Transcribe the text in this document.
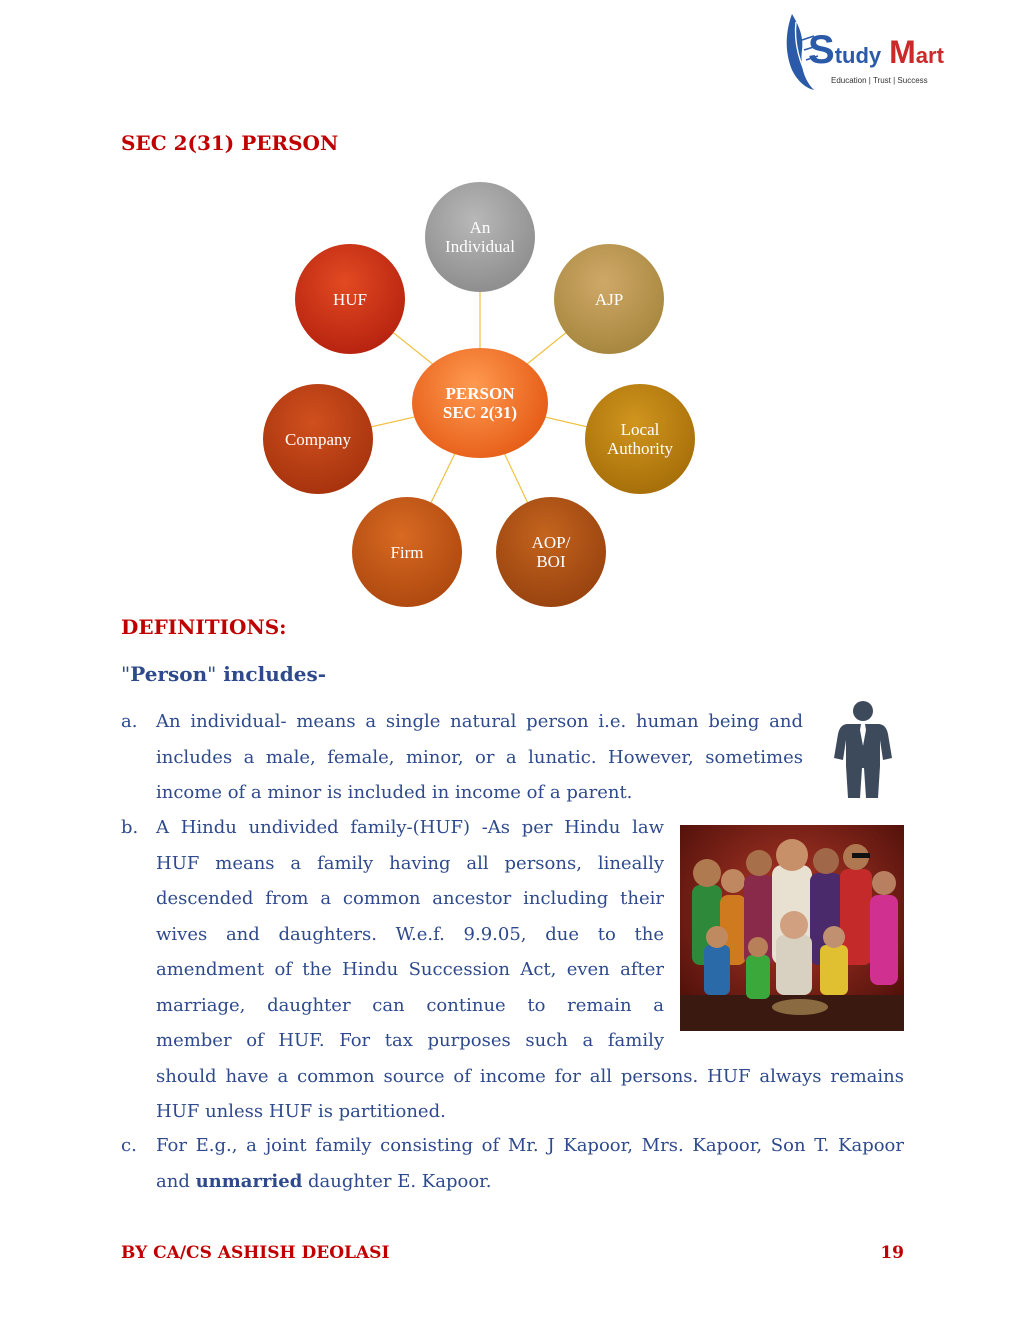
Study Mart
Education | Trust | Success
SEC 2(31) PERSON
PERSON
SEC 2(31)
An
Individual
AJP
Local
Authority
AOP/
BOI
Firm
Company
HUF
DEFINITIONS:

"Person" includes-

a. An individual- means a single natural person i.e. human being and
includes a male, female, minor, or a lunatic. However, sometimes
income of a minor is included in income of a parent.
b. A Hindu undivided family-(HUF) -As per Hindu law
HUF means a family having all persons, lineally
descended from a common ancestor including their
wives and daughters. W.e.f. 9.9.05, due to the
amendment of the Hindu Succession Act, even after
marriage, daughter can continue to remain a
member of HUF. For tax purposes such a family
should have a common source of income for all persons. HUF always remains
HUF unless HUF is partitioned.
c. For E.g., a joint family consisting of Mr. J Kapoor, Mrs. Kapoor, Son T. Kapoor
and unmarried daughter E. Kapoor.

BY CA/CS ASHISH DEOLASI	19
